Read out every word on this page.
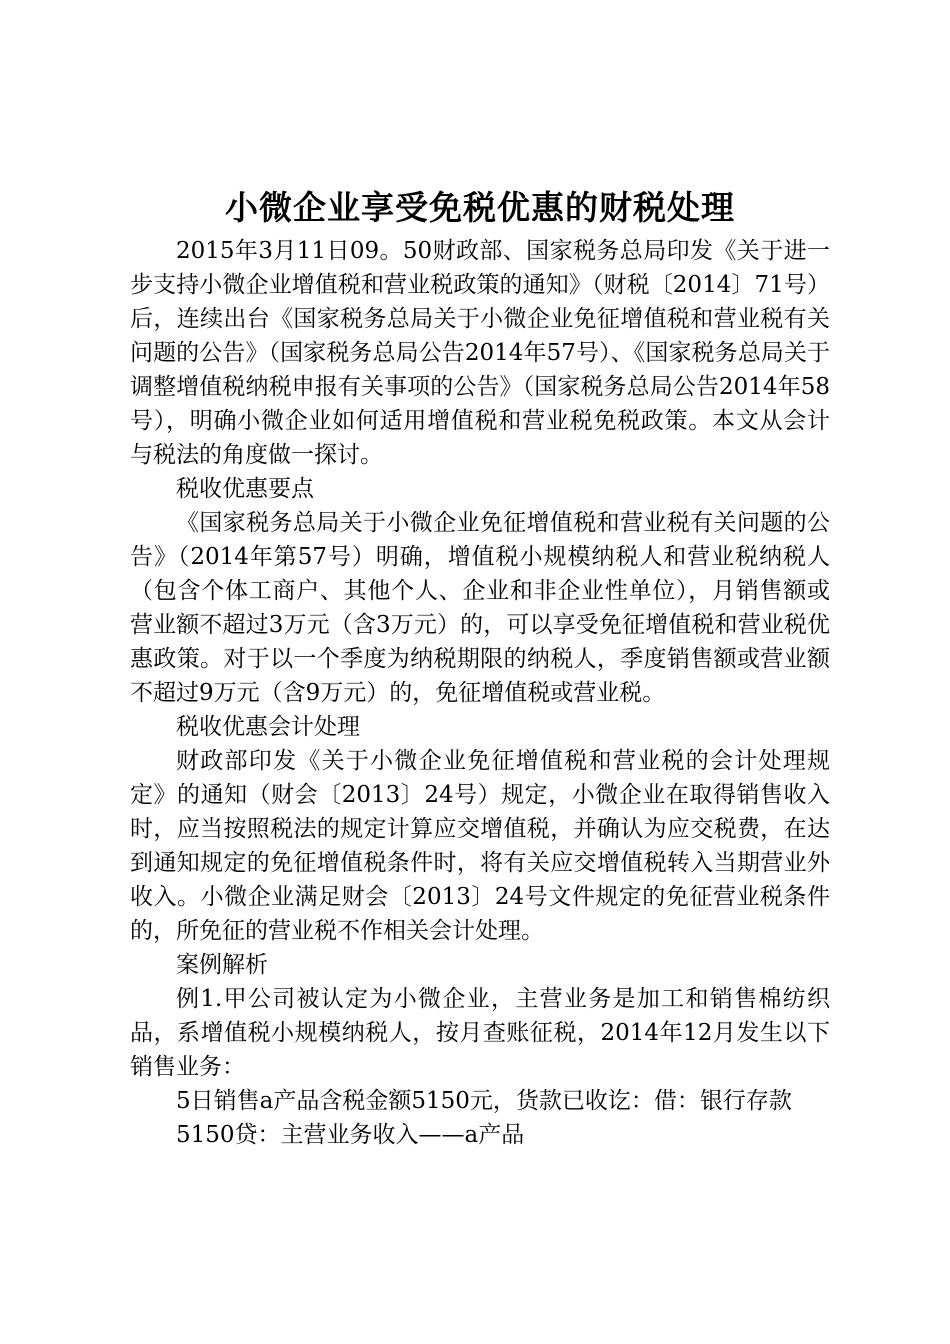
小微企业享受免税优惠的财税处理

2015年3月11日09。50财政部、国家税务总局印发《关于进一步支持小微企业增值税和营业税政策的通知》（财税〔2014〕71号）后，连续出台《国家税务总局关于小微企业免征增值税和营业税有关问题的公告》（国家税务总局公告2014年57号）、《国家税务总局关于调整增值税纳税申报有关事项的公告》（国家税务总局公告2014年58号），明确小微企业如何适用增值税和营业税免税政策。本文从会计与税法的角度做一探讨。

税收优惠要点

《国家税务总局关于小微企业免征增值税和营业税有关问题的公告》（2014年第57号）明确，增值税小规模纳税人和营业税纳税人（包含个体工商户、其他个人、企业和非企业性单位），月销售额或营业额不超过3万元（含3万元）的，可以享受免征增值税和营业税优惠政策。对于以一个季度为纳税期限的纳税人，季度销售额或营业额不超过9万元（含9万元）的，免征增值税或营业税。

税收优惠会计处理

财政部印发《关于小微企业免征增值税和营业税的会计处理规定》的通知（财会〔2013〕24号）规定，小微企业在取得销售收入时，应当按照税法的规定计算应交增值税，并确认为应交税费，在达到通知规定的免征增值税条件时，将有关应交增值税转入当期营业外收入。小微企业满足财会〔2013〕24号文件规定的免征营业税条件的，所免征的营业税不作相关会计处理。

案例解析

例1.甲公司被认定为小微企业，主营业务是加工和销售棉纺织品，系增值税小规模纳税人，按月查账征税，2014年12月发生以下销售业务：

5日销售a产品含税金额5150元，货款已收讫：借：银行存款

5150贷：主营业务收入——a产品
